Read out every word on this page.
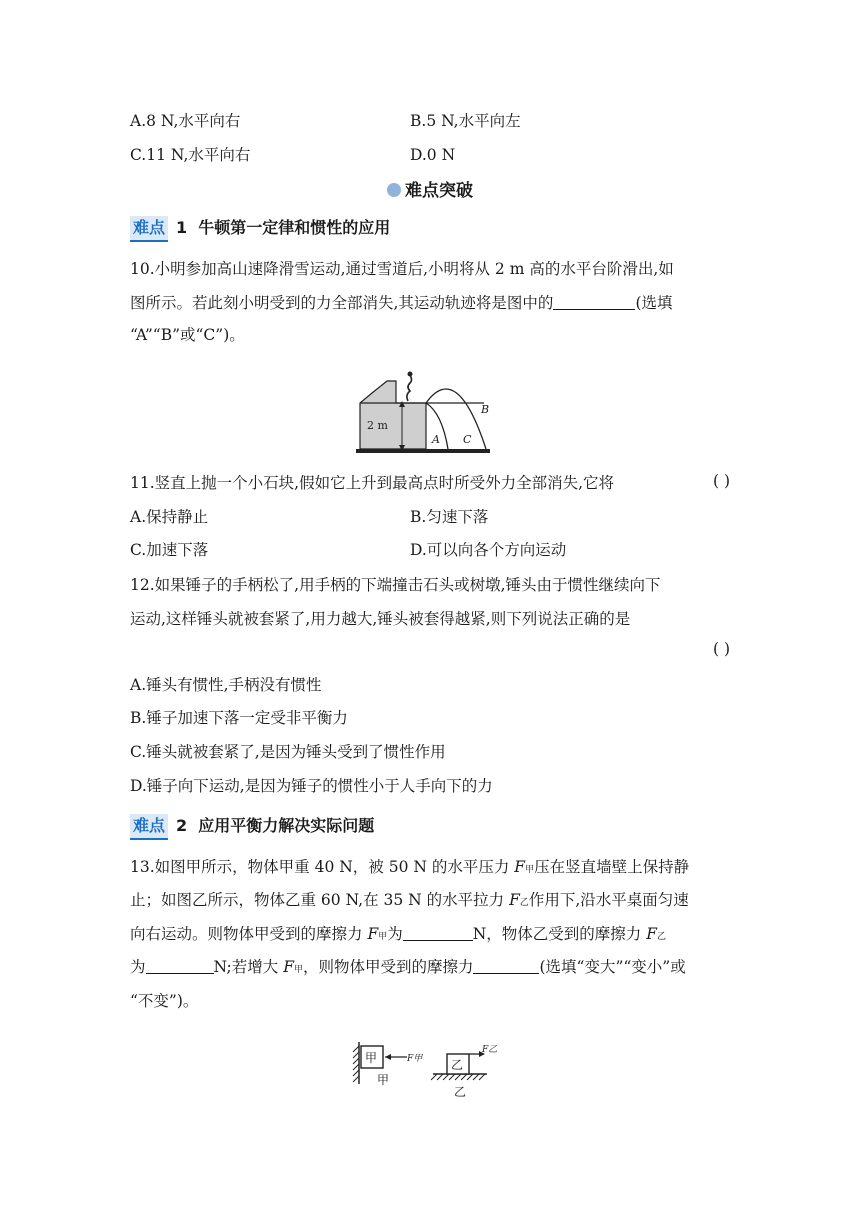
A.8 N,水平向右	B.5 N,水平向左
C.11 N,水平向右	D.0 N
难点突破
难点 1 牛顿第一定律和惯性的应用
10.小明参加高山速降滑雪运动,通过雪道后,小明将从 2 m 高的水平台阶滑出,如
图所示。若此刻小明受到的力全部消失,其运动轨迹将是图中的	(选填
“A”“B”或“C”)。
2 m
A
B
C
11.竖直上抛一个小石块,假如它上升到最高点时所受外力全部消失,它将	( )
A.保持静止	B.匀速下落
C.加速下落	D.可以向各个方向运动
12.如果锤子的手柄松了,用手柄的下端撞击石头或树墩,锤头由于惯性继续向下
运动,这样锤头就被套紧了,用力越大,锤头被套得越紧,则下列说法正确的是
( )
A.锤头有惯性,手柄没有惯性
B.锤子加速下落一定受非平衡力
C.锤头就被套紧了,是因为锤头受到了惯性作用
D.锤子向下运动,是因为锤子的惯性小于人手向下的力
难点 2 应用平衡力解决实际问题
13.如图甲所示，物体甲重 40 N，被 50 N 的水平压力 F甲压在竖直墙壁上保持静
止；如图乙所示，物体乙重 60 N,在 35 N 的水平拉力 F乙作用下,沿水平桌面匀速
向右运动。则物体甲受到的摩擦力 F甲为	N，物体乙受到的摩擦力 F乙
为	N;若增大 F甲，则物体甲受到的摩擦力	(选填“变大”“变小”或
“不变”)。
甲	F甲
甲
乙
F乙
乙
